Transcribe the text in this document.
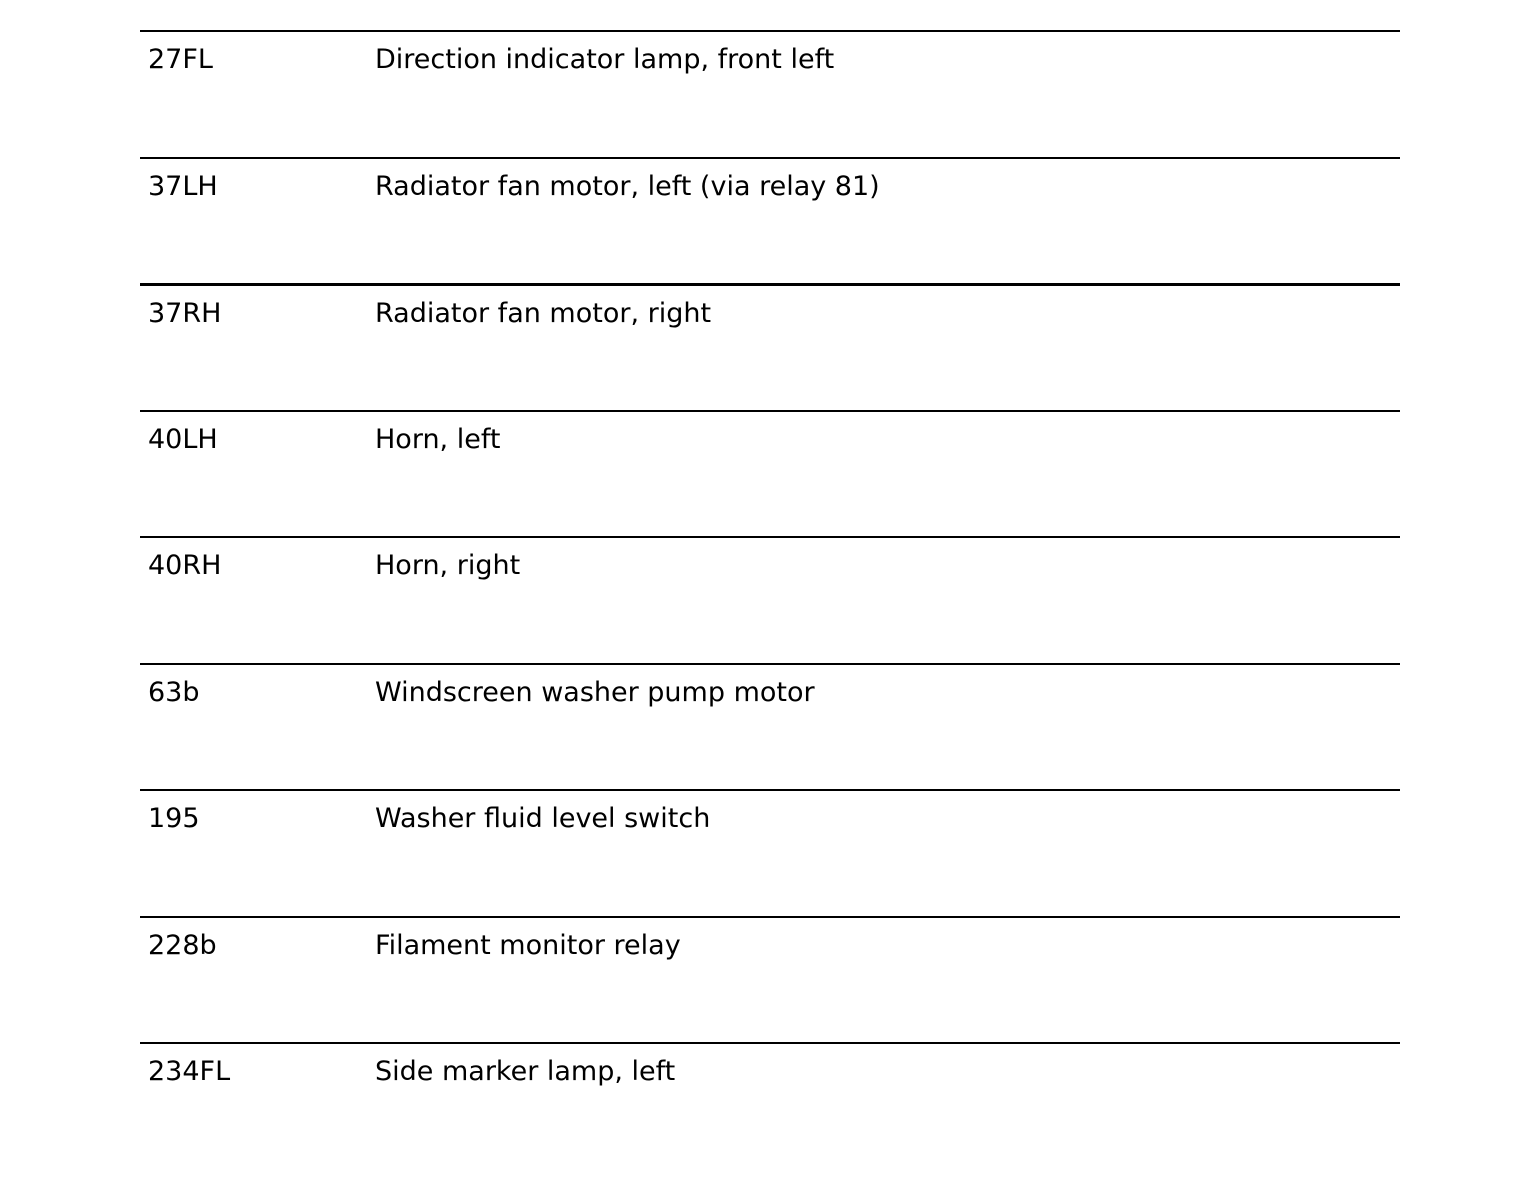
27FL	Direction indicator lamp, front left
37LH	Radiator fan motor, left (via relay 81)
37RH	Radiator fan motor, right
40LH	Horn, left
40RH	Horn, right
63b	Windscreen washer pump motor
195	Washer fluid level switch
228b	Filament monitor relay
234FL	Side marker lamp, left
